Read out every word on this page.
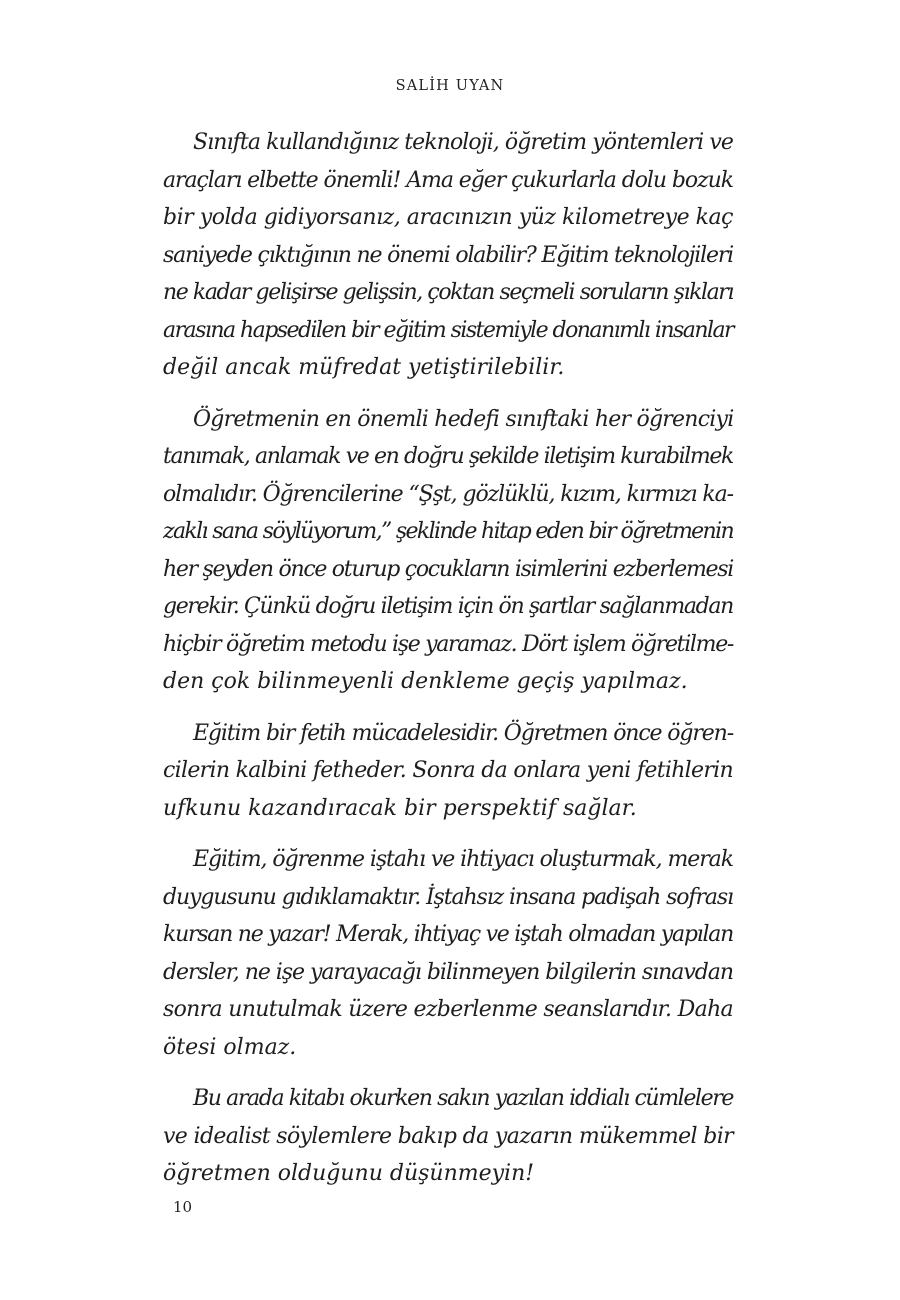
SALİH UYAN

Sınıfta kullandığınız teknoloji, öğretim yöntemleri ve
araçları elbette önemli! Ama eğer çukurlarla dolu bozuk
bir yolda gidiyorsanız, aracınızın yüz kilometreye kaç
saniyede çıktığının ne önemi olabilir? Eğitim teknolojileri
ne kadar gelişirse gelişsin, çoktan seçmeli soruların şıkları
arasına hapsedilen bir eğitim sistemiyle donanımlı insanlar
değil ancak müfredat yetiştirilebilir.

Öğretmenin en önemli hedefi sınıftaki her öğrenciyi
tanımak, anlamak ve en doğru şekilde iletişim kurabilmek
olmalıdır. Öğrencilerine “Şşt, gözlüklü, kızım, kırmızı ka-
zaklı sana söylüyorum,” şeklinde hitap eden bir öğretmenin
her şeyden önce oturup çocukların isimlerini ezberlemesi
gerekir. Çünkü doğru iletişim için ön şartlar sağlanmadan
hiçbir öğretim metodu işe yaramaz. Dört işlem öğretilme-
den çok bilinmeyenli denkleme geçiş yapılmaz.

Eğitim bir fetih mücadelesidir. Öğretmen önce öğren-
cilerin kalbini fetheder. Sonra da onlara yeni fetihlerin
ufkunu kazandıracak bir perspektif sağlar.

Eğitim, öğrenme iştahı ve ihtiyacı oluşturmak, merak
duygusunu gıdıklamaktır. İştahsız insana padişah sofrası
kursan ne yazar! Merak, ihtiyaç ve iştah olmadan yapılan
dersler, ne işe yarayacağı bilinmeyen bilgilerin sınavdan
sonra unutulmak üzere ezberlenme seanslarıdır. Daha
ötesi olmaz.

Bu arada kitabı okurken sakın yazılan iddialı cümlelere
ve idealist söylemlere bakıp da yazarın mükemmel bir
öğretmen olduğunu düşünmeyin!

10
